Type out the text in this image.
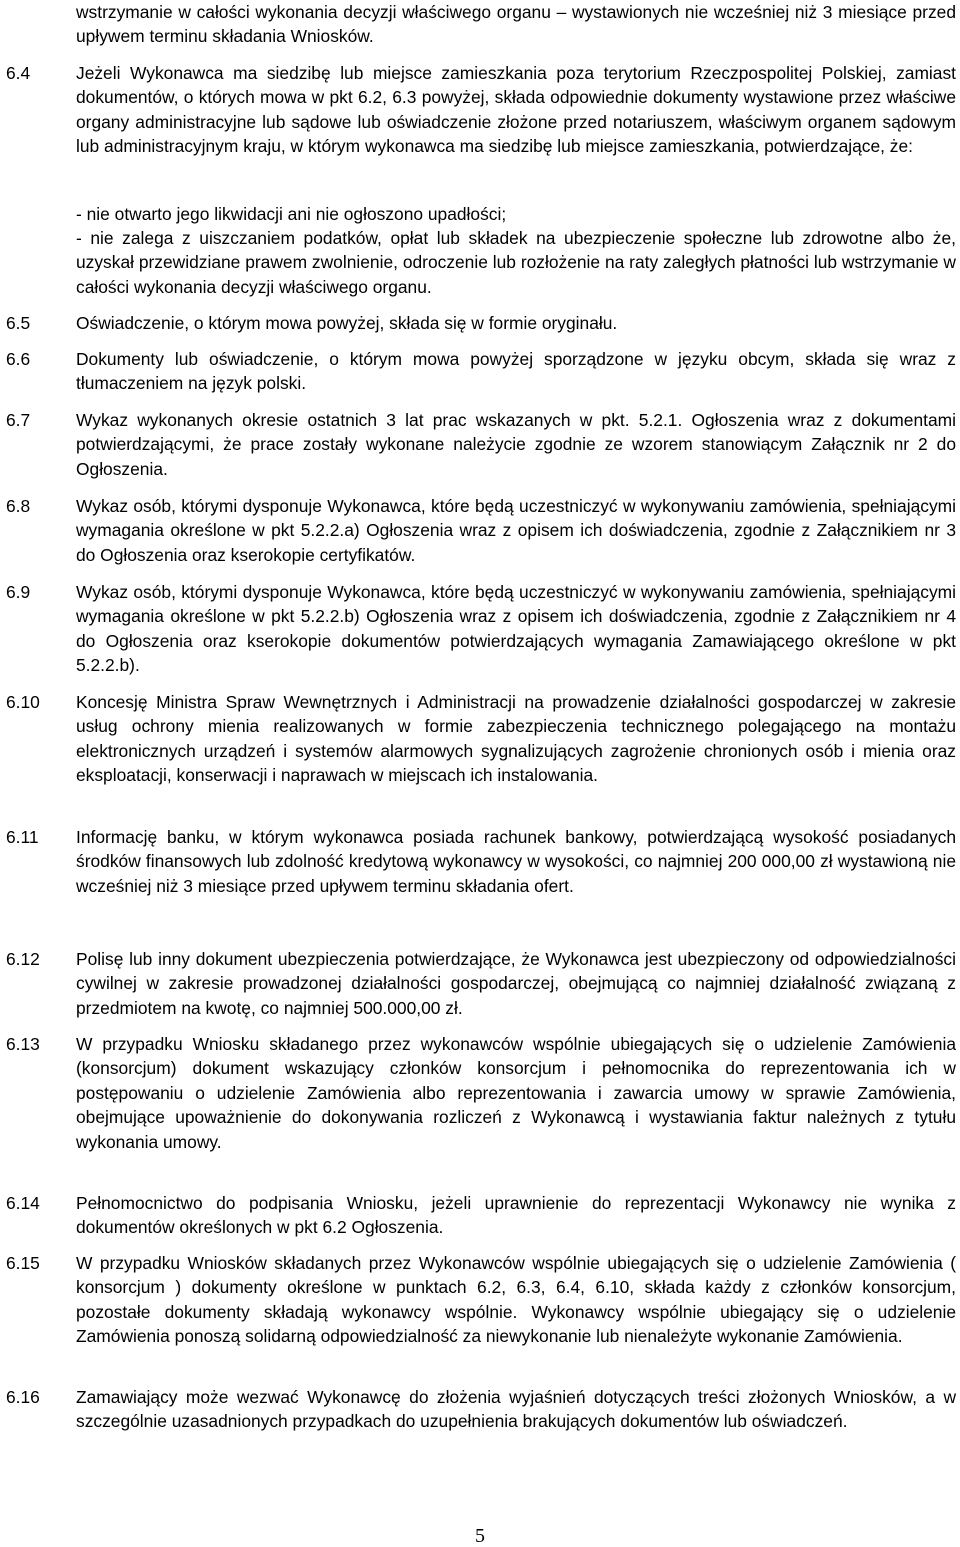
wstrzymanie w całości wykonania decyzji właściwego organu – wystawionych nie wcześniej niż 3 miesiące przed upływem terminu składania Wniosków.
6.4	Jeżeli Wykonawca ma siedzibę lub miejsce zamieszkania poza terytorium Rzeczpospolitej Polskiej, zamiast dokumentów, o których mowa w pkt 6.2, 6.3 powyżej, składa odpowiednie dokumenty wystawione przez właściwe organy administracyjne lub sądowe lub oświadczenie złożone przed notariuszem, właściwym organem sądowym lub administracyjnym kraju, w którym wykonawca ma siedzibę lub miejsce zamieszkania, potwierdzające, że:
- nie otwarto jego likwidacji ani nie ogłoszono upadłości;
- nie zalega z uiszczaniem podatków, opłat lub składek na ubezpieczenie społeczne lub zdrowotne albo że, uzyskał przewidziane prawem zwolnienie, odroczenie lub rozłożenie na raty zaległych płatności lub wstrzymanie w całości wykonania decyzji właściwego organu.
6.5	Oświadczenie, o którym mowa powyżej, składa się w formie oryginału.
6.6	Dokumenty lub oświadczenie, o którym mowa powyżej sporządzone w języku obcym, składa się wraz z tłumaczeniem na język polski.
6.7	Wykaz wykonanych okresie ostatnich 3 lat prac wskazanych w pkt. 5.2.1. Ogłoszenia wraz z dokumentami potwierdzającymi, że prace zostały wykonane należycie zgodnie ze wzorem stanowiącym Załącznik nr 2 do Ogłoszenia.
6.8	Wykaz osób, którymi dysponuje Wykonawca, które będą uczestniczyć w wykonywaniu zamówienia, spełniającymi wymagania określone w pkt 5.2.2.a) Ogłoszenia wraz z opisem ich doświadczenia, zgodnie z Załącznikiem nr 3 do Ogłoszenia oraz kserokopie certyfikatów.
6.9	Wykaz osób, którymi dysponuje Wykonawca, które będą uczestniczyć w wykonywaniu zamówienia, spełniającymi wymagania określone w pkt 5.2.2.b) Ogłoszenia wraz z opisem ich doświadczenia, zgodnie z Załącznikiem nr 4 do Ogłoszenia oraz kserokopie dokumentów potwierdzających wymagania Zamawiającego określone w pkt 5.2.2.b).
6.10 Koncesję Ministra Spraw Wewnętrznych i Administracji na prowadzenie działalności gospodarczej w zakresie usług ochrony mienia realizowanych w formie zabezpieczenia technicznego polegającego na montażu elektronicznych urządzeń i systemów alarmowych sygnalizujących zagrożenie chronionych osób i mienia oraz eksploatacji, konserwacji i naprawach w miejscach ich instalowania.
6.11 Informację banku, w którym wykonawca posiada rachunek bankowy, potwierdzającą wysokość posiadanych środków finansowych lub zdolność kredytową wykonawcy w wysokości, co najmniej 200 000,00 zł wystawioną nie wcześniej niż 3 miesiące przed upływem terminu składania ofert.
6.12 Polisę lub inny dokument ubezpieczenia potwierdzające, że Wykonawca jest ubezpieczony od odpowiedzialności cywilnej w zakresie prowadzonej działalności gospodarczej, obejmującą co najmniej działalność związaną z przedmiotem na kwotę, co najmniej 500.000,00 zł.
6.13 W przypadku Wniosku składanego przez wykonawców wspólnie ubiegających się o udzielenie Zamówienia (konsorcjum) dokument wskazujący członków konsorcjum i pełnomocnika do reprezentowania ich w postępowaniu o udzielenie Zamówienia albo reprezentowania i zawarcia umowy w sprawie Zamówienia, obejmujące upoważnienie do dokonywania rozliczeń z Wykonawcą i wystawiania faktur należnych z tytułu wykonania umowy.
6.14 Pełnomocnictwo do podpisania Wniosku, jeżeli uprawnienie do reprezentacji Wykonawcy nie wynika z dokumentów określonych w pkt 6.2 Ogłoszenia.
6.15 W przypadku Wniosków składanych przez Wykonawców wspólnie ubiegających się o udzielenie Zamówienia ( konsorcjum ) dokumenty określone w punktach 6.2, 6.3, 6.4, 6.10, składa każdy z członków konsorcjum, pozostałe dokumenty składają wykonawcy wspólnie. Wykonawcy wspólnie ubiegający się o udzielenie Zamówienia ponoszą solidarną odpowiedzialność za niewykonanie lub nienależyte wykonanie Zamówienia.
6.16 Zamawiający może wezwać Wykonawcę do złożenia wyjaśnień dotyczących treści złożonych Wniosków, a w szczególnie uzasadnionych przypadkach do uzupełnienia brakujących dokumentów lub oświadczeń.
5
